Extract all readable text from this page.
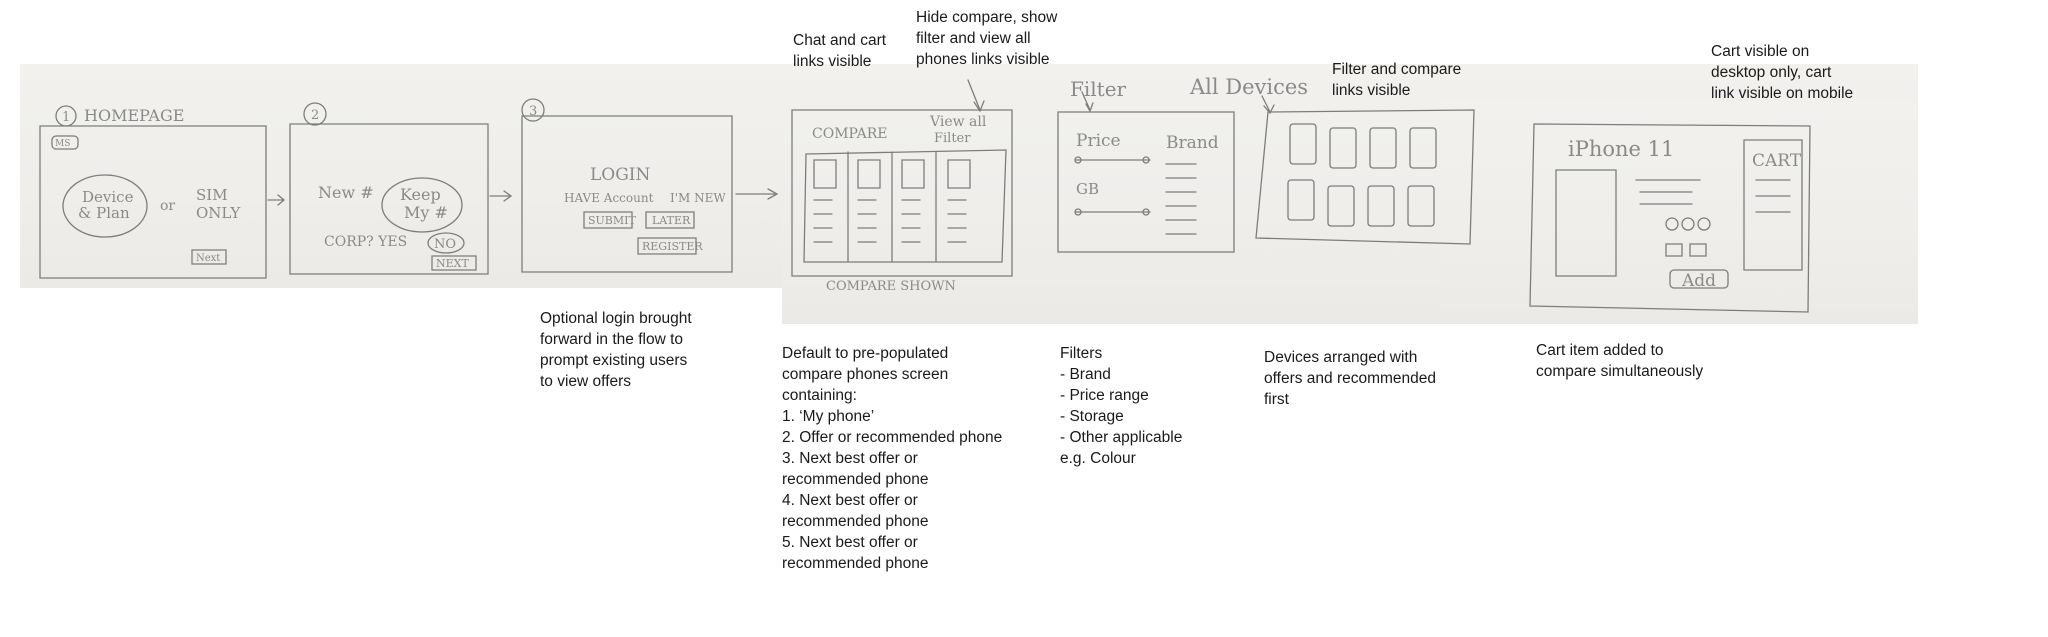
1 HOMEPAGE
MS
Device
& Plan or
SIM
ONLY
Next
2
New # Keep
My #
CORP? YES NO
NEXT
3
LOGIN
HAVE Account I'M NEW
SUBMIT LATER
REGISTER
COMPARE
View all
Filter
COMPARE SHOWN
Filter
Price	Brand
GB
All Devices
iPhone 11	CART
Add
Chat and cart
links visible
Hide compare, show
filter and view all
phones links visible
Filter and compare
links visible
Cart visible on
desktop only, cart
link visible on mobile
Optional login brought
forward in the flow to
prompt existing users
to view offers
Default to pre-populated
compare phones screen
containing:
1. ‘My phone’
2. Offer or recommended phone
3. Next best offer or
recommended phone
4. Next best offer or
recommended phone
5. Next best offer or
recommended phone
Filters
- Brand
- Price range
- Storage
- Other applicable
e.g. Colour
Devices arranged with
offers and recommended
first
Cart item added to
compare simultaneously
